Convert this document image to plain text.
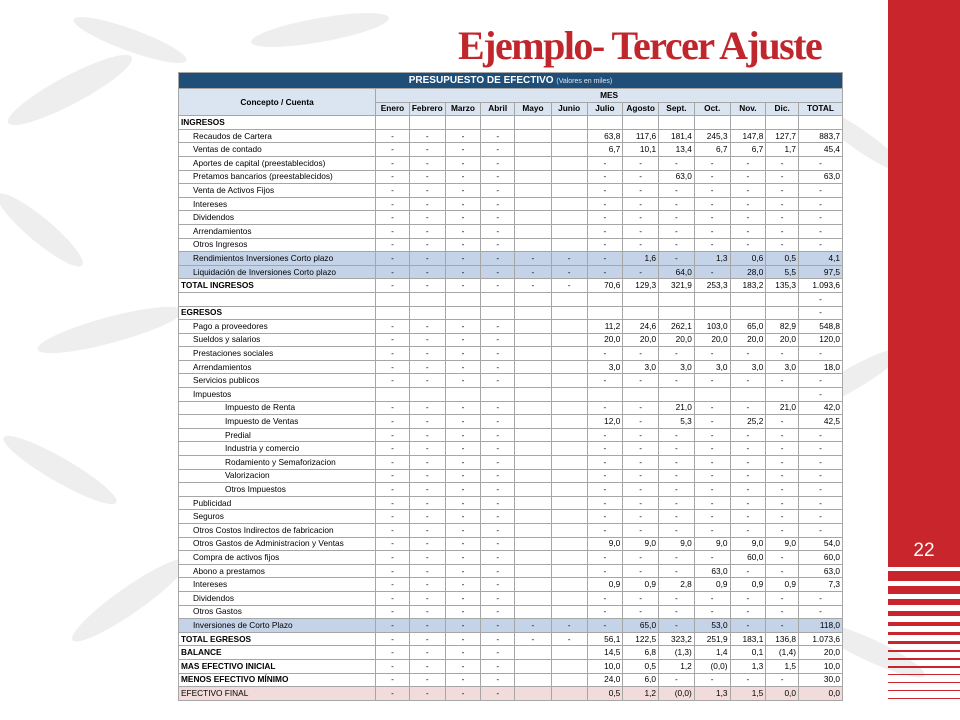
Ejemplo- Tercer Ajuste
22
PRESUPUESTO DE EFECTIVO (Valores en miles)													
Concepto / Cuenta	MES												
	Enero	Febrero	Marzo	Abril	Mayo	Junio	Julio	Agosto	Sept.	Oct.	Nov.	Dic.	TOTAL
INGRESOS													
Recaudos de Cartera	-	-	-	-			63,8	117,6	181,4	245,3	147,8	127,7	883,7
Ventas de contado	-	-	-	-			6,7	10,1	13,4	6,7	6,7	1,7	45,4
Aportes de capital (preestablecidos)	-	-	-	-			-	-	-	-	-	-	-
Pretamos bancarios (preestablecidos)	-	-	-	-			-	-	63,0	-	-	-	63,0
Venta de Activos Fijos	-	-	-	-			-	-	-	-	-	-	-
Intereses	-	-	-	-			-	-	-	-	-	-	-
Dividendos	-	-	-	-			-	-	-	-	-	-	-
Arrendamientos	-	-	-	-			-	-	-	-	-	-	-
Otros Ingresos	-	-	-	-			-	-	-	-	-	-	-
Rendimientos Inversiones Corto plazo	-	-	-	-	-	-	-	1,6	-	1,3	0,6	0,5	4,1
Liquidación de Inversiones Corto plazo	-	-	-	-	-	-	-	-	64,0	-	28,0	5,5	97,5
TOTAL INGRESOS	-	-	-	-	-	-	70,6	129,3	321,9	253,3	183,2	135,3	1.093,6
													-
EGRESOS													-
Pago a proveedores	-	-	-	-			11,2	24,6	262,1	103,0	65,0	82,9	548,8
Sueldos y salarios	-	-	-	-			20,0	20,0	20,0	20,0	20,0	20,0	120,0
Prestaciones sociales	-	-	-	-			-	-	-	-	-	-	-
Arrendamientos	-	-	-	-			3,0	3,0	3,0	3,0	3,0	3,0	18,0
Servicios publicos	-	-	-	-			-	-	-	-	-	-	-
Impuestos													-
Impuesto de Renta	-	-	-	-			-	-	21,0	-	-	21,0	42,0
Impuesto de Ventas	-	-	-	-			12,0	-	5,3	-	25,2	-	42,5
Predial	-	-	-	-			-	-	-	-	-	-	-
Industria y comercio	-	-	-	-			-	-	-	-	-	-	-
Rodamiento y Semaforizacion	-	-	-	-			-	-	-	-	-	-	-
Valorizacion	-	-	-	-			-	-	-	-	-	-	-
Otros Impuestos	-	-	-	-			-	-	-	-	-	-	-
Publicidad	-	-	-	-			-	-	-	-	-	-	-
Seguros	-	-	-	-			-	-	-	-	-	-	-
Otros Costos Indirectos de fabricacion	-	-	-	-			-	-	-	-	-	-	-
Otros Gastos de Administracion y Ventas	-	-	-	-			9,0	9,0	9,0	9,0	9,0	9,0	54,0
Compra de activos fijos	-	-	-	-			-	-	-	-	60,0	-	60,0
Abono a prestamos	-	-	-	-			-	-	-	63,0	-	-	63,0
Intereses	-	-	-	-			0,9	0,9	2,8	0,9	0,9	0,9	7,3
Dividendos	-	-	-	-			-	-	-	-	-	-	-
Otros Gastos	-	-	-	-			-	-	-	-	-	-	-
Inversiones de Corto Plazo	-	-	-	-	-	-	-	65,0	-	53,0	-	-	118,0
TOTAL EGRESOS	-	-	-	-	-	-	56,1	122,5	323,2	251,9	183,1	136,8	1.073,6
BALANCE	-	-	-	-			14,5	6,8	(1,3)	1,4	0,1	(1,4)	20,0
MAS EFECTIVO INICIAL	-	-	-	-			10,0	0,5	1,2	(0,0)	1,3	1,5	10,0
MENOS EFECTIVO MÍNIMO	-	-	-	-			24,0	6,0	-	-	-	-	30,0
EFECTIVO FINAL	-	-	-	-			0,5	1,2	(0,0)	1,3	1,5	0,0	0,0
